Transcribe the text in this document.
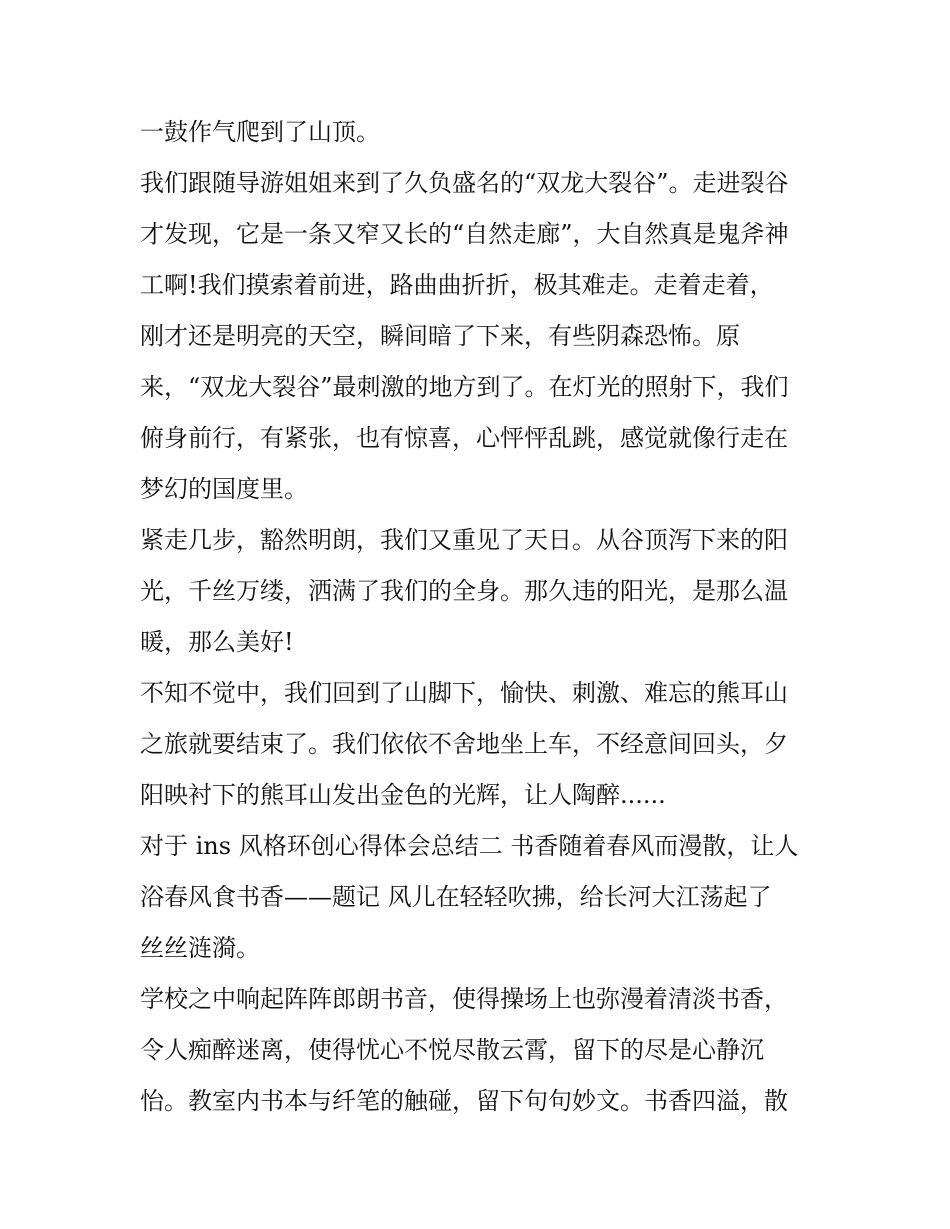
一鼓作气爬到了山顶。
我们跟随导游姐姐来到了久负盛名的“双龙大裂谷”。走进裂谷
才发现，它是一条又窄又长的“自然走廊”，大自然真是鬼斧神
工啊!我们摸索着前进，路曲曲折折，极其难走。走着走着，
刚才还是明亮的天空，瞬间暗了下来，有些阴森恐怖。原
来，“双龙大裂谷”最刺激的地方到了。在灯光的照射下，我们
俯身前行，有紧张，也有惊喜，心怦怦乱跳，感觉就像行走在
梦幻的国度里。
紧走几步，豁然明朗，我们又重见了天日。从谷顶泻下来的阳
光，千丝万缕，洒满了我们的全身。那久违的阳光，是那么温
暖，那么美好!
不知不觉中，我们回到了山脚下，愉快、刺激、难忘的熊耳山
之旅就要结束了。我们依依不舍地坐上车，不经意间回头，夕
阳映衬下的熊耳山发出金色的光辉，让人陶醉......
对于 ins 风格环创心得体会总结二 书香随着春风而漫散，让人
浴春风食书香——题记 风儿在轻轻吹拂，给长河大江荡起了
丝丝涟漪。
学校之中响起阵阵郎朗书音，使得操场上也弥漫着清淡书香，
令人痴醉迷离，使得忧心不悦尽散云霄，留下的尽是心静沉
怡。教室内书本与纤笔的触碰，留下句句妙文。书香四溢，散
